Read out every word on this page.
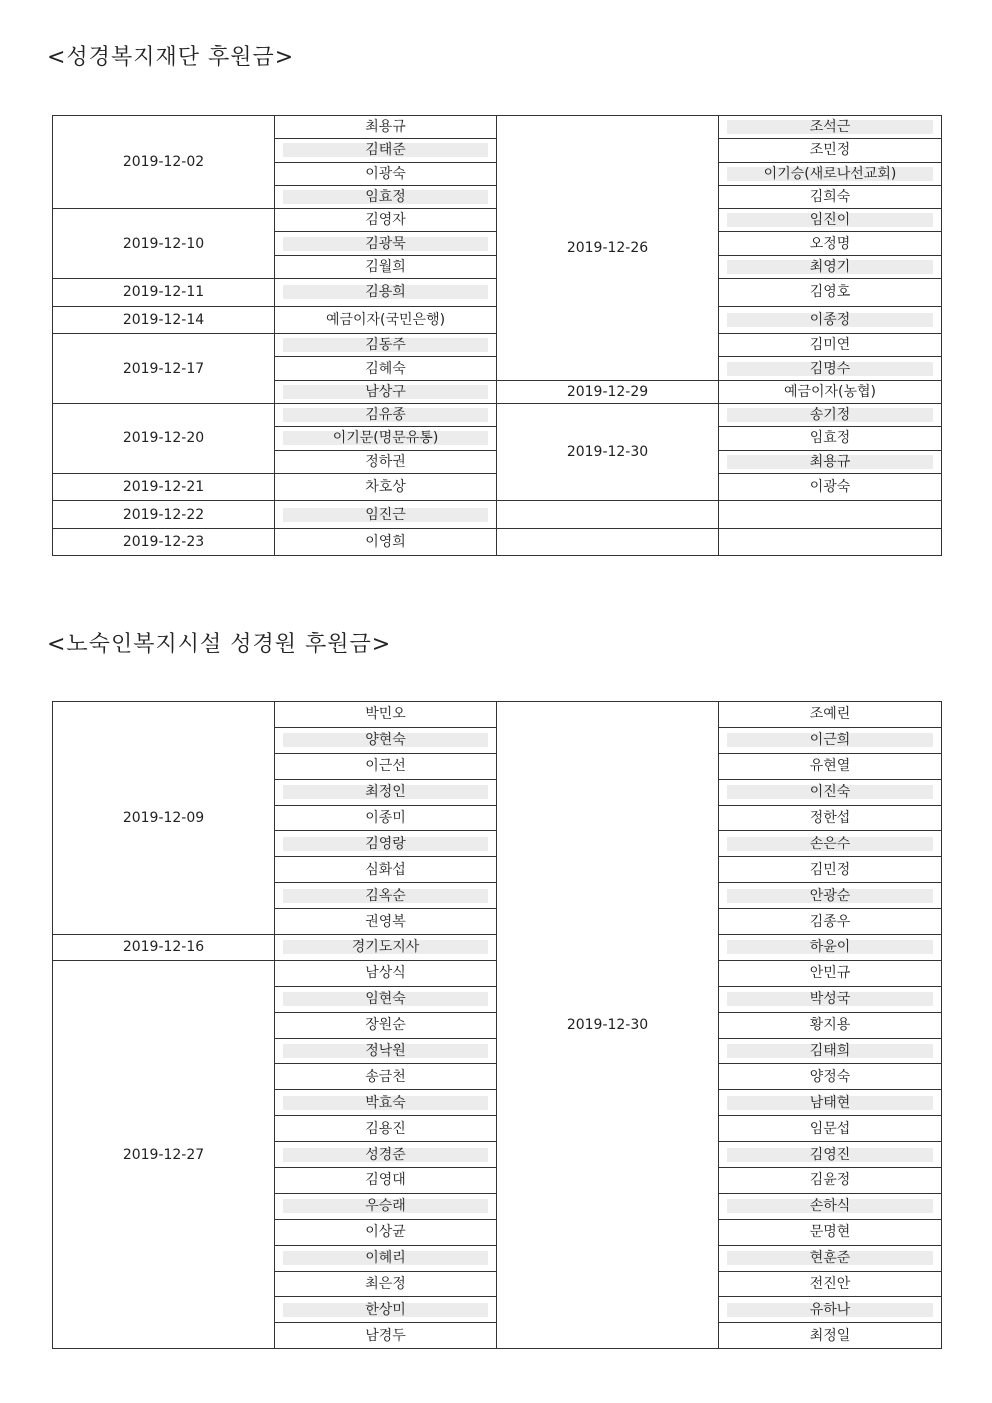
<성경복지재단 후원금>
2019-12-02	최용규	2019-12-26	조석근

	김태준		조민정

	이광숙		이기승(새로나선교회)

	임효정		김희숙

2019-12-10	김영자		임진이

	김광묵		오정명

	김월희		최영기

2019-12-11	김용희		김영호

2019-12-14	예금이자(국민은행)		이종정

2019-12-17	김동주		김미연

	김혜숙		김명수

	남상구	2019-12-29	예금이자(농협)

2019-12-20	김유종	2019-12-30	송기정

	이기문(명문유통)		임효정

	정하권		최용규

2019-12-21	차호상		이광숙

2019-12-22	임진근		

2019-12-23	이영희		

<노숙인복지시설 성경원 후원금>
2019-12-09	박민오	2019-12-30	조예린

	양현숙		이근희

	이근선		유현열

	최정인		이진숙

	이종미		정한섭

	김영랑		손은수

	심화섭		김민정

	김옥순		안광순

	권영복		김종우

2019-12-16	경기도지사		하윤이

2019-12-27	남상식		안민규

	임현숙		박성국

	장원순		황지용

	정낙원		김태희

	송금천		양정숙

	박효숙		남태현

	김용진		임문섭

	성경준		김영진

	김영대		김윤정

	우승래		손하식

	이상균		문명현

	이혜리		현훈준

	최은정		전진안

	한상미		유하나

	남경두		최정일
